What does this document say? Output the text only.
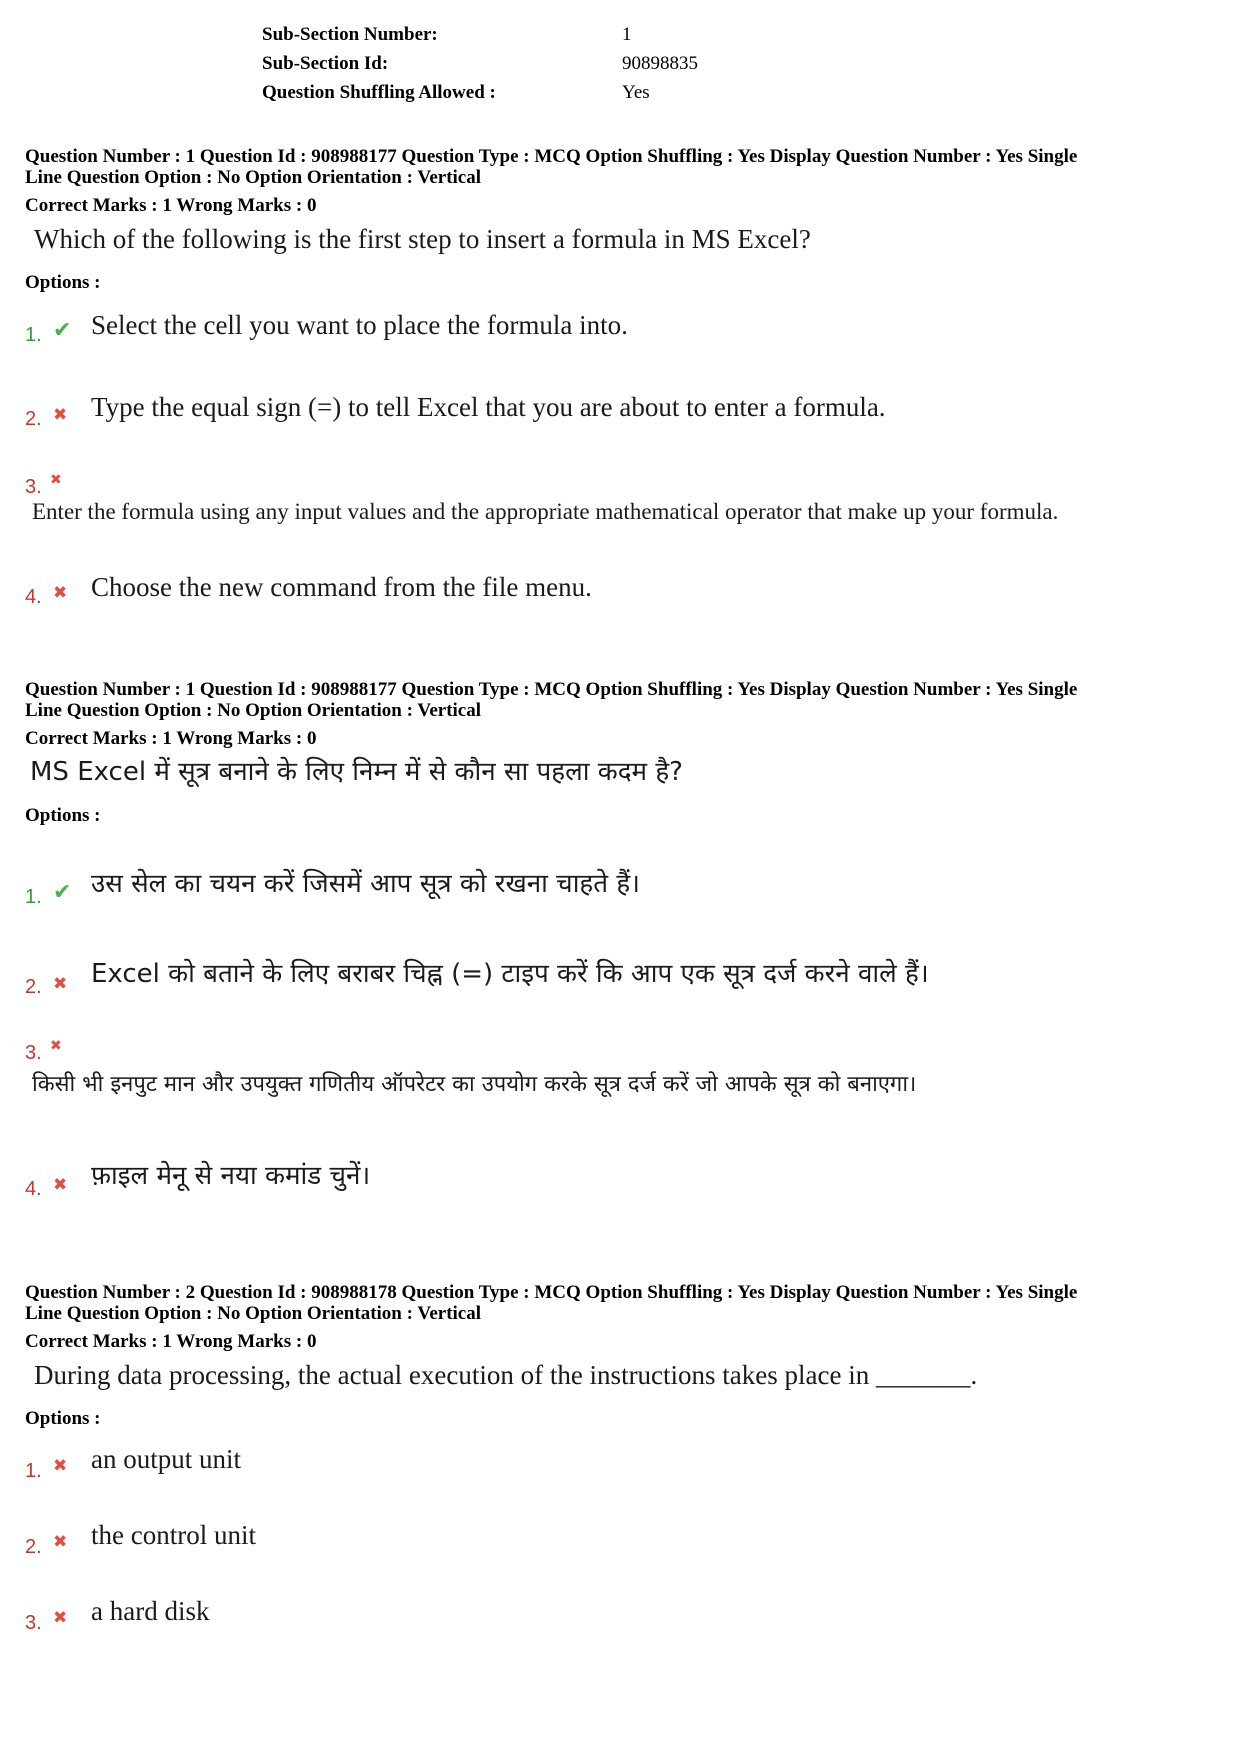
Sub-Section Number:	1
Sub-Section Id:	90898835
Question Shuffling Allowed :	Yes
Question Number : 1 Question Id : 908988177 Question Type : MCQ Option Shuffling : Yes Display Question Number : Yes Single
Line Question Option : No Option Orientation : Vertical
Correct Marks : 1 Wrong Marks : 0
Which of the following is the first step to insert a formula in MS Excel?
Options :
1. ✔ Select the cell you want to place the formula into.
2. ✖ Type the equal sign (=) to tell Excel that you are about to enter a formula.
3. ✖
Enter the formula using any input values and the appropriate mathematical operator that make up your formula.
4. ✖ Choose the new command from the file menu.
Question Number : 1 Question Id : 908988177 Question Type : MCQ Option Shuffling : Yes Display Question Number : Yes Single
Line Question Option : No Option Orientation : Vertical
Correct Marks : 1 Wrong Marks : 0
MS Excel में सूत्र बनाने के लिए निम्न में से कौन सा पहला कदम है?
Options :
1. ✔ उस सेल का चयन करें जिसमें आप सूत्र को रखना चाहते हैं।
2. ✖ Excel को बताने के लिए बराबर चिह्न (=) टाइप करें कि आप एक सूत्र दर्ज करने वाले हैं।
3. ✖
किसी भी इनपुट मान और उपयुक्त गणितीय ऑपरेटर का उपयोग करके सूत्र दर्ज करें जो आपके सूत्र को बनाएगा।
4. ✖ फ़ाइल मेनू से नया कमांड चुनें।
Question Number : 2 Question Id : 908988178 Question Type : MCQ Option Shuffling : Yes Display Question Number : Yes Single
Line Question Option : No Option Orientation : Vertical
Correct Marks : 1 Wrong Marks : 0
During data processing, the actual execution of the instructions takes place in _______.
Options :
1. ✖ an output unit
2. ✖ the control unit
3. ✖ a hard disk
